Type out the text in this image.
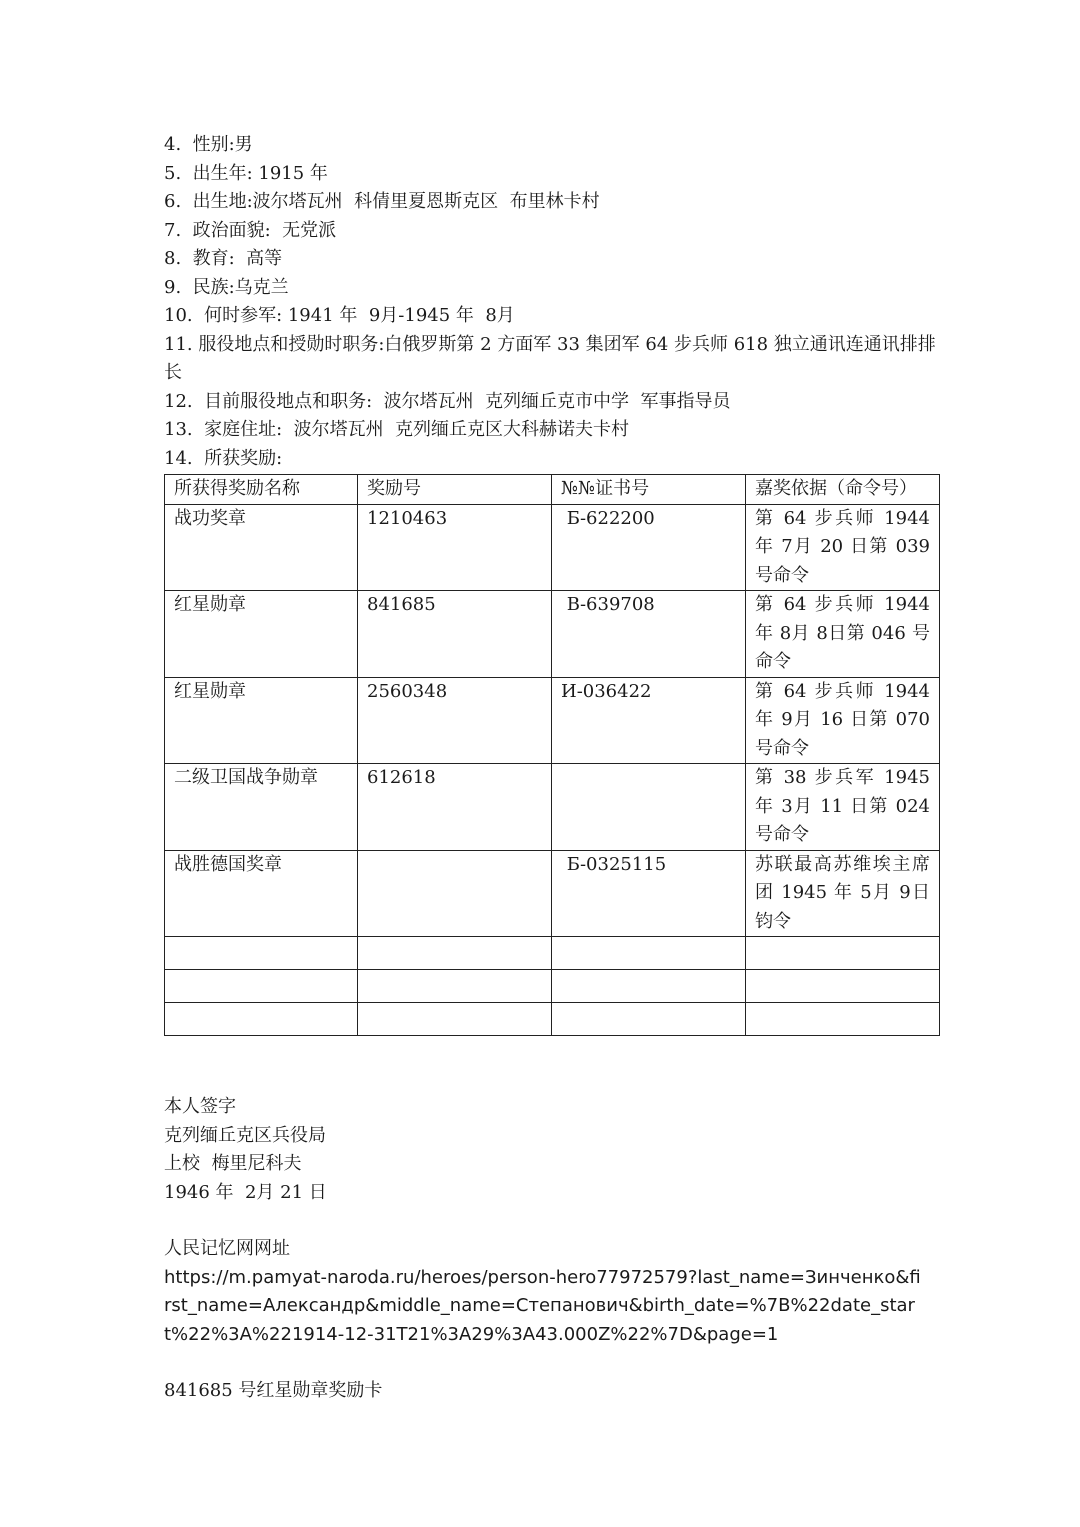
4.  性别:男
5.  出生年: 1915 年
6.  出生地:波尔塔瓦州  科倩里夏恩斯克区  布里林卡村
7.  政治面貌:  无党派
8.  教育:  高等
9.  民族:乌克兰
10.  何时参军: 1941 年  9月-1945 年  8月
11. 服役地点和授勋时职务:白俄罗斯第 2 方面军 33 集团军 64 步兵师 618 独立通讯连通讯排排长
12.  目前服役地点和职务:  波尔塔瓦州  克列缅丘克市中学  军事指导员
13.  家庭住址:  波尔塔瓦州  克列缅丘克区大科赫诺夫卡村
14.  所获奖励:
所获得奖励名称	奖励号	№№证书号	嘉奖依据（命令号）
战功奖章	1210463	Б-622200	第 64 步兵师 1944 年 7月 20 日第 039 号命令
红星勋章	841685	В-639708	第 64 步兵师 1944 年 8月 8日第 046 号命令
红星勋章	2560348	И-036422	第 64 步兵师 1944 年 9月 16 日第 070 号命令
二级卫国战争勋章	612618		第 38 步兵军 1945 年 3月 11 日第 024 号命令
战胜德国奖章		Б-0325115	苏联最高苏维埃主席团 1945 年 5月 9日钧令

本人签字
克列缅丘克区兵役局
上校  梅里尼科夫
1946 年  2月 21 日
人民记忆网网址
https://m.pamyat-naroda.ru/heroes/person-hero77972579?last_name=Зинченко&first_name=Александр&middle_name=Степанович&birth_date=%7B%22date_start%22%3A%221914-12-31T21%3A29%3A43.000Z%22%7D&page=1
841685 号红星勋章奖励卡
